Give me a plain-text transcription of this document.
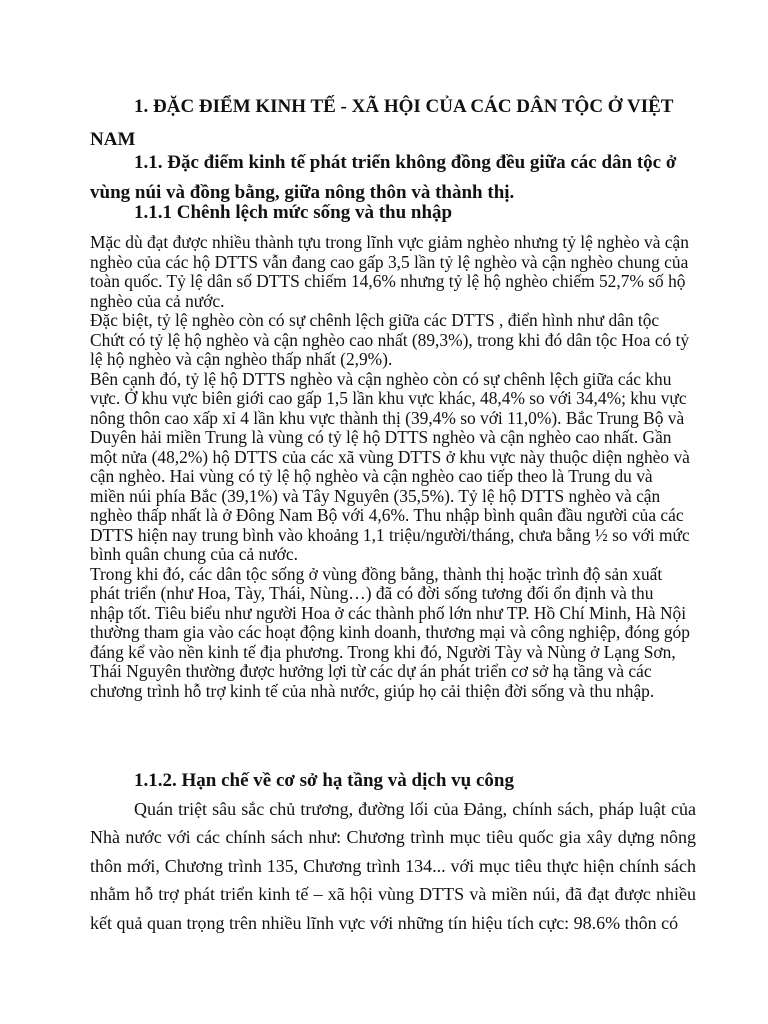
1. ĐẶC ĐIỂM KINH TẾ - XÃ HỘI CỦA CÁC DÂN TỘC Ở VIỆT NAM
1.1. Đặc điểm kinh tế phát triển không đồng đều giữa các dân tộc ở vùng núi và đồng bằng, giữa nông thôn và thành thị.
1.1.1 Chênh lệch mức sống và thu nhập

Mặc dù đạt được nhiều thành tựu trong lĩnh vực giảm nghèo nhưng tỷ lệ nghèo và cận nghèo của các hộ DTTS vẫn đang cao gấp 3,5 lần tỷ lệ nghèo và cận nghèo chung của toàn quốc. Tỷ lệ dân số DTTS chiếm 14,6% nhưng tỷ lệ hộ nghèo chiếm 52,7% số hộ nghèo của cả nước.

Đặc biệt, tỷ lệ nghèo còn có sự chênh lệch giữa các DTTS , điển hình như dân tộc Chứt có tỷ lệ hộ nghèo và cận nghèo cao nhất (89,3%), trong khi đó dân tộc Hoa có tỷ lệ hộ nghèo và cận nghèo thấp nhất (2,9%).

Bên cạnh đó, tỷ lệ hộ DTTS nghèo và cận nghèo còn có sự chênh lệch giữa các khu vực. Ở khu vực biên giới cao gấp 1,5 lần khu vực khác, 48,4% so với 34,4%; khu vực nông thôn cao xấp xỉ 4 lần khu vực thành thị (39,4% so với 11,0%). Bắc Trung Bộ và Duyên hải miền Trung là vùng có tỷ lệ hộ DTTS nghèo và cận nghèo cao nhất. Gần một nửa (48,2%) hộ DTTS của các xã vùng DTTS ở khu vực này thuộc diện nghèo và cận nghèo. Hai vùng có tỷ lệ hộ nghèo và cận nghèo cao tiếp theo là Trung du và miền núi phía Bắc (39,1%) và Tây Nguyên (35,5%). Tỷ lệ hộ DTTS nghèo và cận nghèo thấp nhất là ở Đông Nam Bộ với 4,6%. Thu nhập bình quân đầu người của các DTTS hiện nay trung bình vào khoảng 1,1 triệu/người/tháng, chưa bằng ½ so với mức bình quân chung của cả nước.

Trong khi đó, các dân tộc sống ở vùng đồng bằng, thành thị hoặc trình độ sản xuất phát triển (như Hoa, Tày, Thái, Nùng…) đã có đời sống tương đối ổn định và thu nhập tốt. Tiêu biểu như người Hoa ở các thành phố lớn như TP. Hồ Chí Minh, Hà Nội thường tham gia vào các hoạt động kinh doanh, thương mại và công nghiệp, đóng góp đáng kể vào nền kinh tế địa phương. Trong khi đó, Người Tày và Nùng ở Lạng Sơn, Thái Nguyên thường được hưởng lợi từ các dự án phát triển cơ sở hạ tầng và các chương trình hỗ trợ kinh tế của nhà nước, giúp họ cải thiện đời sống và thu nhập.

1.1.2. Hạn chế về cơ sở hạ tầng và dịch vụ công

Quán triệt sâu sắc chủ trương, đường lối của Đảng, chính sách, pháp luật của Nhà nước với các chính sách như: Chương trình mục tiêu quốc gia xây dựng nông thôn mới, Chương trình 135, Chương trình 134... với mục tiêu thực hiện chính sách nhằm hỗ trợ phát triển kinh tế – xã hội vùng DTTS và miền núi, đã đạt được nhiều kết quả quan trọng trên nhiều lĩnh vực với những tín hiệu tích cực: 98.6% thôn có
